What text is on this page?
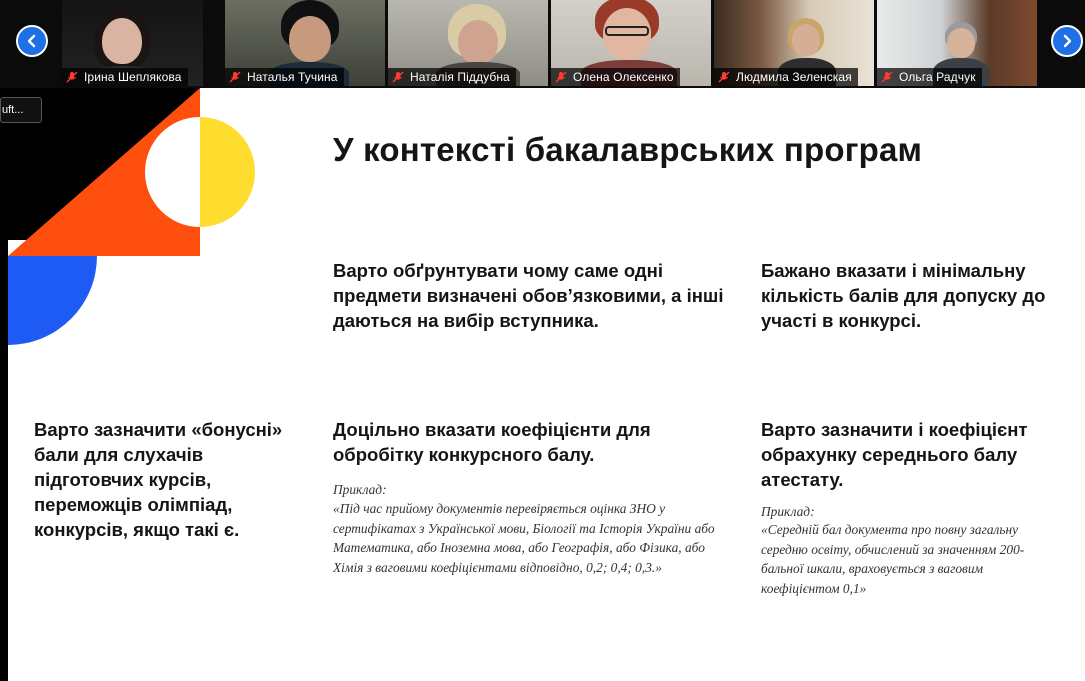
Ірина Шеплякова	Наталья Тучина	Наталія Піддубна	Олена Олексенко	Людмила Зеленская	Ольга Радчук
uft...
У контексті бакалаврських програм
Варто обґрунтувати чому саме одні предмети визначені обов’язковими, а інші даються на вибір вступника.
Бажано вказати і мінімальну кількість балів для допуску до участі в конкурсі.
Варто зазначити «бонусні» бали для слухачів підготовчих курсів, переможців олімпіад, конкурсів, якщо такі є.
Доцільно вказати коефіцієнти для обробітку конкурсного балу.
Приклад:
«Під час прийому документів перевіряється оцінка ЗНО у сертифікатах з Української мови, Біології та Історія України або Математика, або Іноземна мова, або Географія, або Фізика, або Хімія з ваговими коефіцієнтами відповідно, 0,2; 0,4; 0,3.»
Варто зазначити і коефіцієнт обрахунку середнього балу атестату.
Приклад:
«Середній бал документа про повну загальну середню освіту, обчислений за значенням 200-бальної шкали, враховується з ваговим коефіцієнтом 0,1»
